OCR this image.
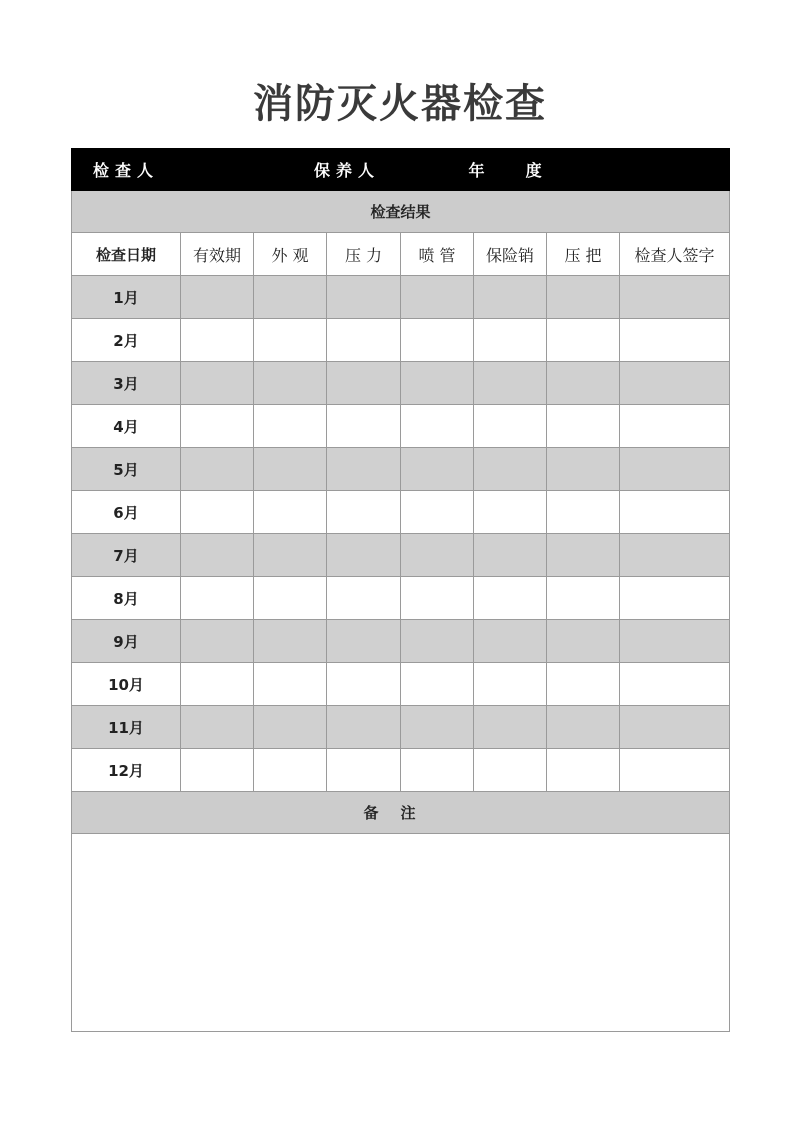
消防灭火器检查
检查人		保养人		年  度			
检查结果							
检查日期	有效期	外 观	压 力	喷 管	保险销	压 把	检查人签字
1月							
2月							
3月							
4月							
5月							
6月							
7月							
8月							
9月							
10月							
11月							
12月							
备注							
